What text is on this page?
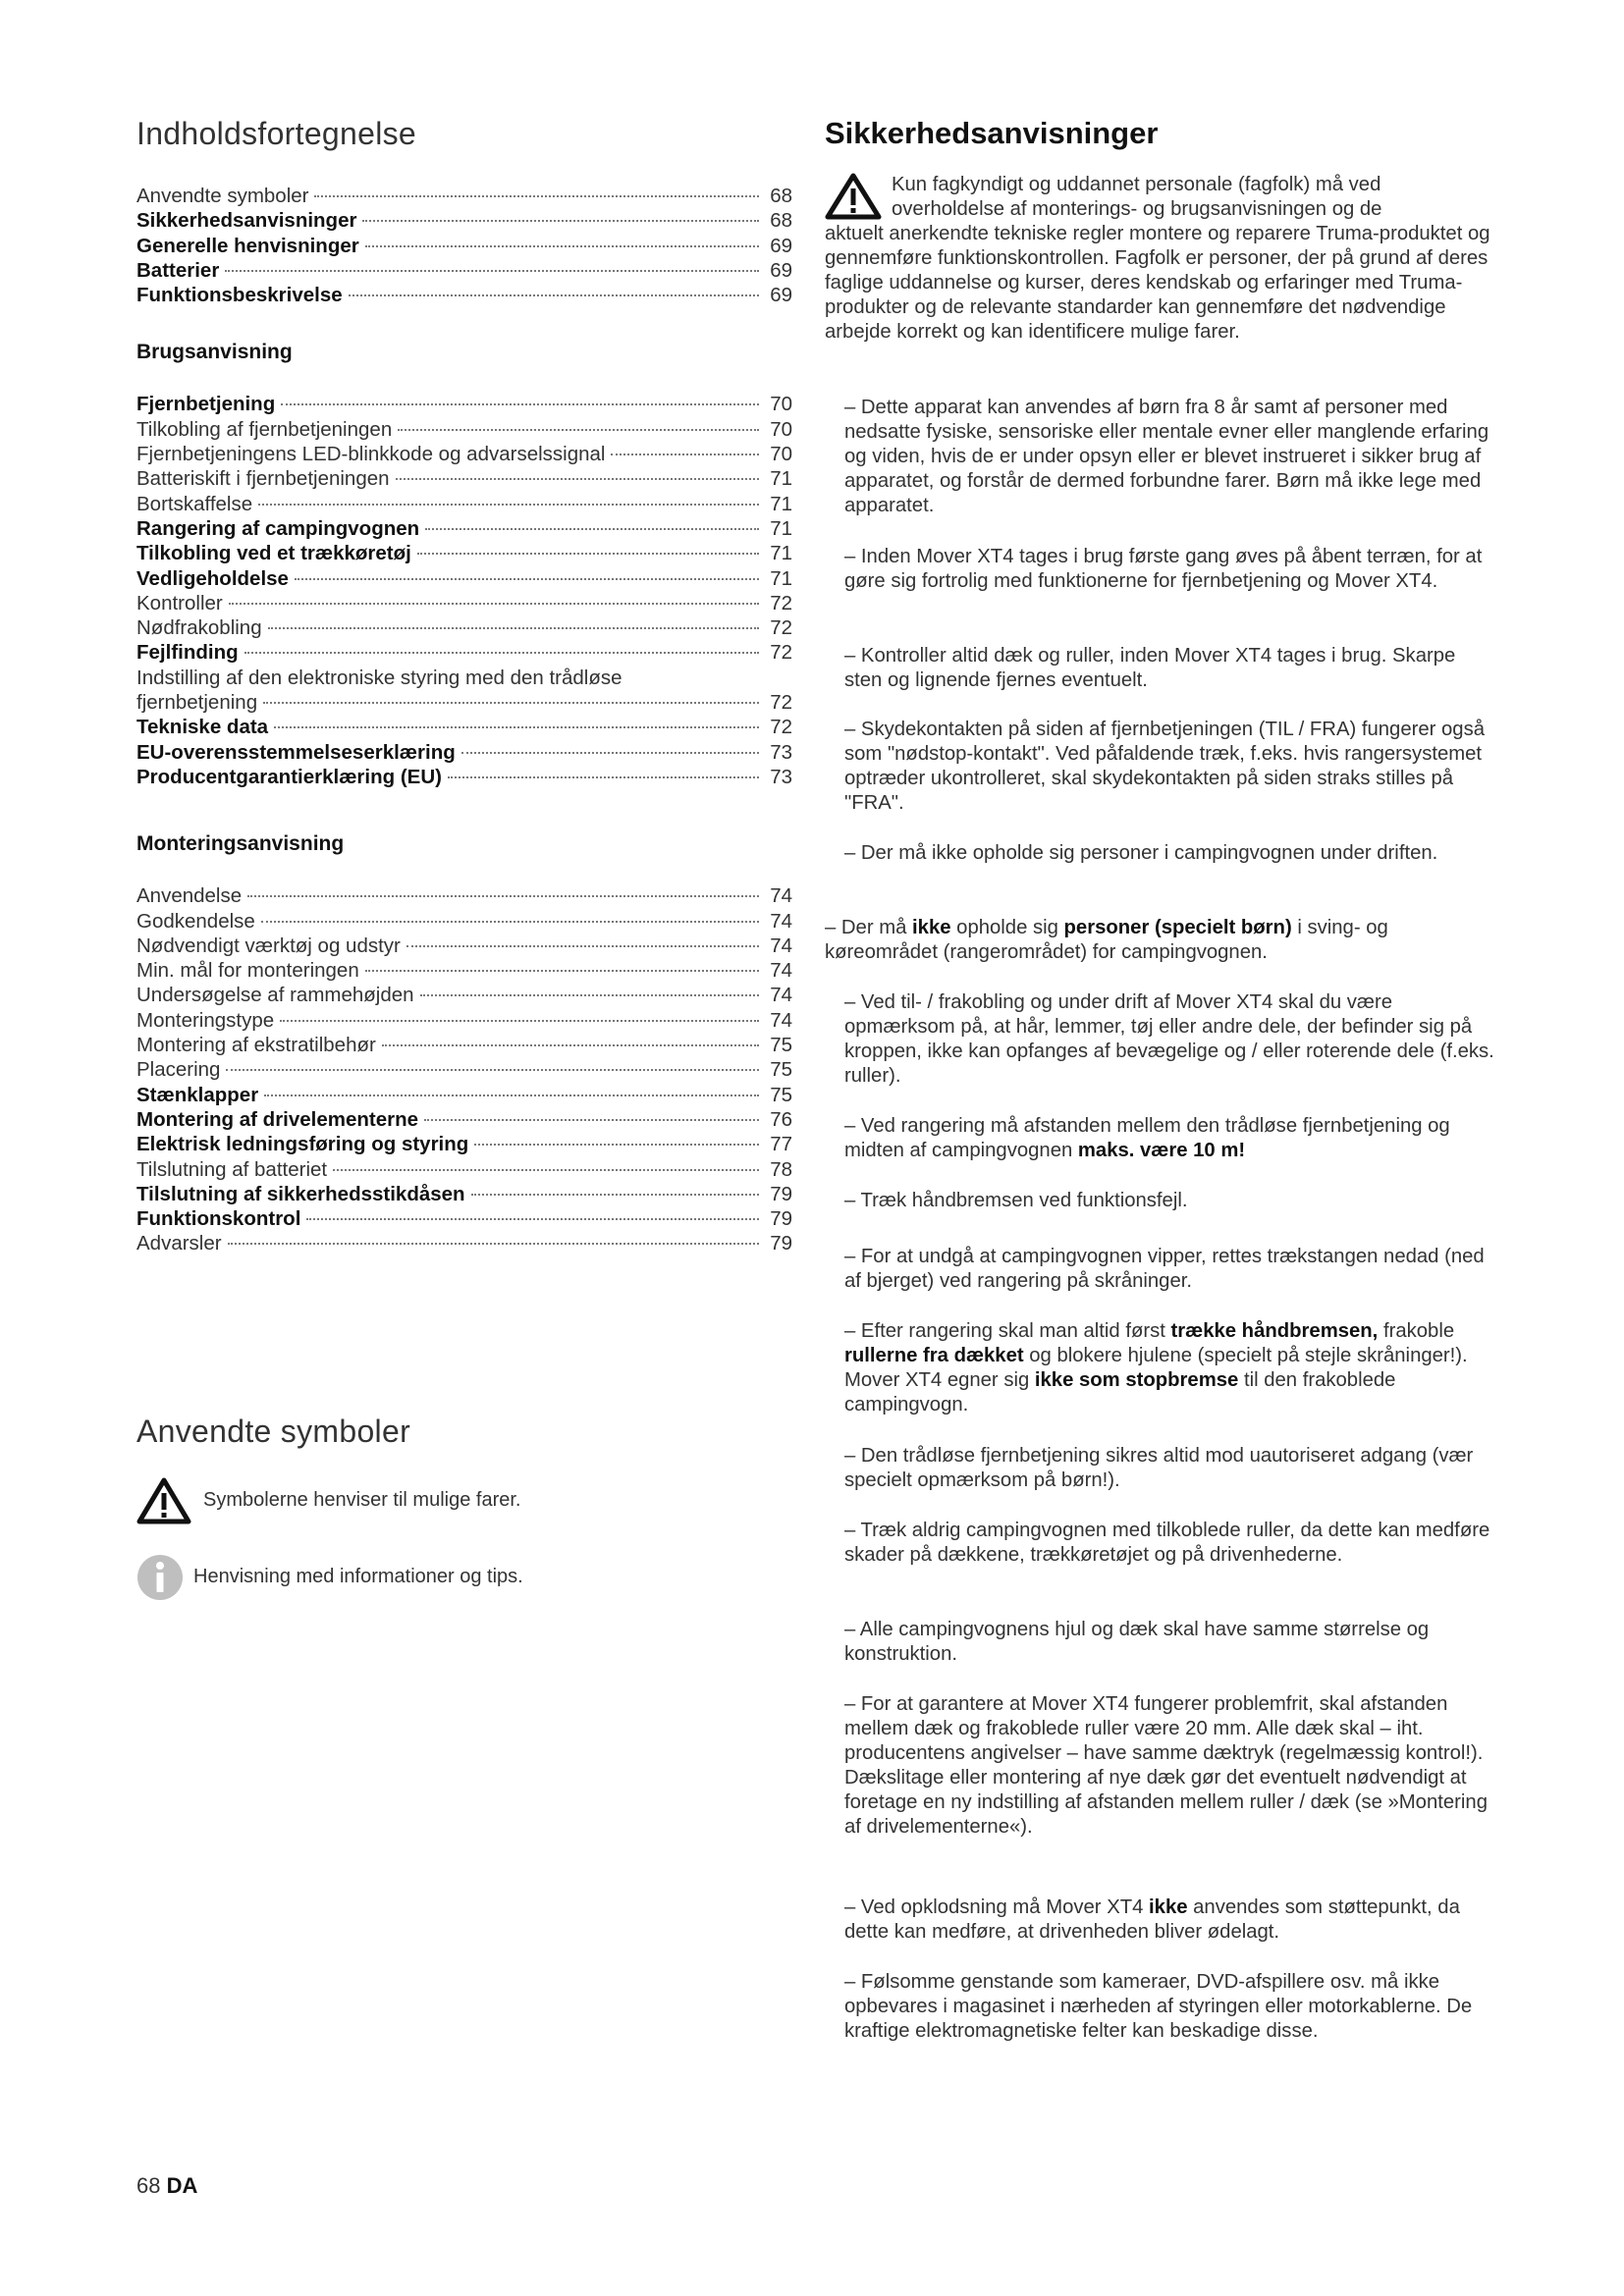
Indholdsfortegnelse
Anvendte symboler	68
Sikkerhedsanvisninger	68
Generelle henvisninger	69
Batterier	69
Funktionsbeskrivelse	69
Brugsanvisning
Fjernbetjening	70
Tilkobling af fjernbetjeningen	70
Fjernbetjeningens LED-blinkkode og advarselssignal	70
Batteriskift i fjernbetjeningen	71
Bortskaffelse	71
Rangering af campingvognen	71
Tilkobling ved et trækkøretøj	71
Vedligeholdelse	71
Kontroller	72
Nødfrakobling	72
Fejlfinding	72
Indstilling af den elektroniske styring med den trådløse
fjernbetjening	72
Tekniske data	72
EU-overensstemmelseserklæring	73
Producentgarantierklæring (EU)	73
Monteringsanvisning
Anvendelse	74
Godkendelse	74
Nødvendigt værktøj og udstyr	74
Min. mål for monteringen	74
Undersøgelse af rammehøjden	74
Monteringstype	74
Montering af ekstratilbehør	75
Placering	75
Stænklapper	75
Montering af drivelementerne	76
Elektrisk ledningsføring og styring	77
Tilslutning af batteriet	78
Tilslutning af sikkerhedsstikdåsen	79
Funktionskontrol	79
Advarsler	79
Anvendte symboler
Symbolerne henviser til mulige farer.
Henvisning med informationer og tips.
Sikkerhedsanvisninger

Kun fagkyndigt og uddannet personale (fagfolk) må ved

overholdelse af monterings- og brugsanvisningen og de

aktuelt anerkendte tekniske regler montere og reparere Truma-produktet og gennemføre funktionskontrollen. Fagfolk er personer, der på grund af deres faglige uddannelse og kurser, deres kendskab og erfaringer med Truma-produkter og de relevante standarder kan gennemføre det nødvendige arbejde korrekt og kan identificere mulige farer.

– Dette apparat kan anvendes af børn fra 8 år samt af personer med nedsatte fysiske, sensoriske eller mentale evner eller manglende erfaring og viden, hvis de er under opsyn eller er blevet instrueret i sikker brug af apparatet, og forstår de dermed forbundne farer. Børn må ikke lege med apparatet.

– Inden Mover XT4 tages i brug første gang øves på åbent terræn, for at gøre sig fortrolig med funktionerne for fjernbetjening og Mover XT4.

– Kontroller altid dæk og ruller, inden Mover XT4 tages i brug. Skarpe sten og lignende fjernes eventuelt.

– Skydekontakten på siden af fjernbetjeningen (TIL / FRA) fungerer også som "nødstop-kontakt". Ved påfaldende træk, f.eks. hvis rangersystemet optræder ukontrolleret, skal skydekontakten på siden straks stilles på "FRA".

– Der må ikke opholde sig personer i campingvognen under driften.

– Der må ikke opholde sig personer (specielt børn) i sving- og køreområdet (rangerområdet) for campingvognen.

– Ved til- / frakobling og under drift af Mover XT4 skal du være opmærksom på, at hår, lemmer, tøj eller andre dele, der befinder sig på kroppen, ikke kan opfanges af bevægelige og / eller roterende dele (f.eks. ruller).

– Ved rangering må afstanden mellem den trådløse fjernbetjening og midten af campingvognen maks. være 10 m!

– Træk håndbremsen ved funktionsfejl.

– For at undgå at campingvognen vipper, rettes trækstangen nedad (ned af bjerget) ved rangering på skråninger.

– Efter rangering skal man altid først trække håndbremsen, frakoble rullerne fra dækket og blokere hjulene (specielt på stejle skråninger!). Mover XT4 egner sig ikke som stopbremse til den frakoblede campingvogn.

– Den trådløse fjernbetjening sikres altid mod uautoriseret adgang (vær specielt opmærksom på børn!).

– Træk aldrig campingvognen med tilkoblede ruller, da dette kan medføre skader på dækkene, trækkøretøjet og på drivenhederne.

– Alle campingvognens hjul og dæk skal have samme størrelse og konstruktion.

– For at garantere at Mover XT4 fungerer problemfrit, skal afstanden mellem dæk og frakoblede ruller være 20 mm. Alle dæk skal – iht. producentens angivelser – have samme dæktryk (regelmæssig kontrol!). Dækslitage eller montering af nye dæk gør det eventuelt nødvendigt at foretage en ny indstilling af afstanden mellem ruller / dæk (se »Montering af drivelementerne«).

– Ved opklodsning må Mover XT4 ikke anvendes som støttepunkt, da dette kan medføre, at drivenheden bliver ødelagt.

– Følsomme genstande som kameraer, DVD-afspillere osv. må ikke opbevares i magasinet i nærheden af styringen eller motorkablerne. De kraftige elektromagnetiske felter kan beskadige disse.

68 DA
